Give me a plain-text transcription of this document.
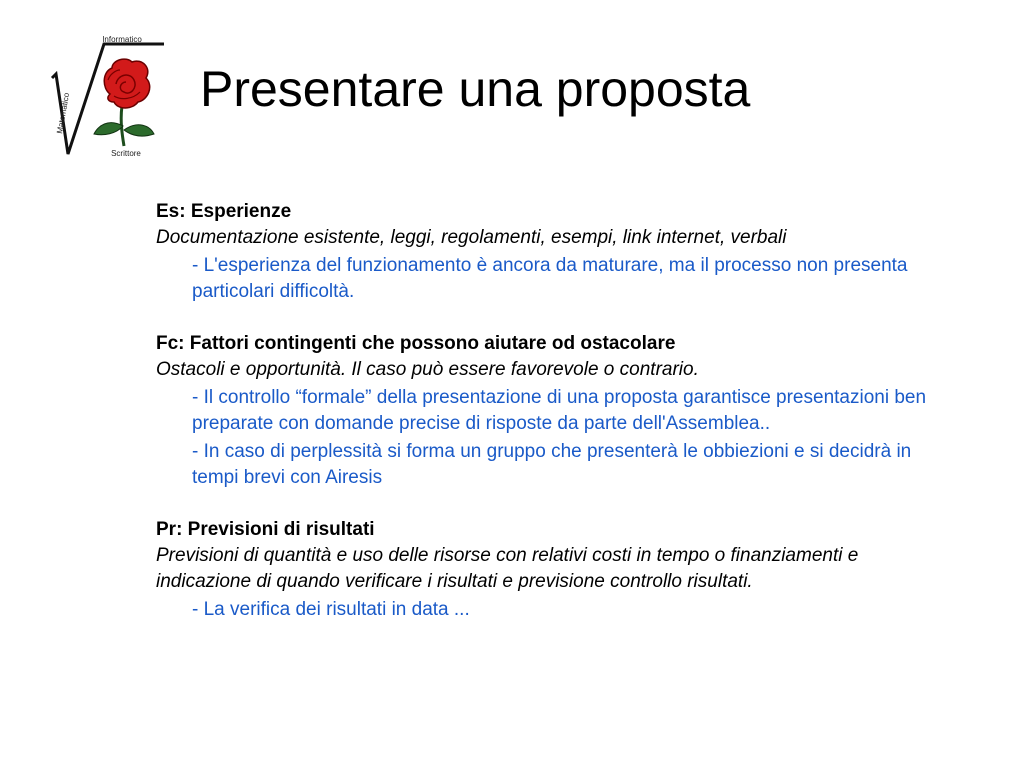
Informatico
Matematico
Scrittore
Presentare una proposta
Es: Esperienze
Documentazione esistente, leggi, regolamenti, esempi, link internet, verbali
- L'esperienza del funzionamento è ancora da maturare, ma il processo non presenta particolari difficoltà.
Fc: Fattori contingenti che possono aiutare od ostacolare
Ostacoli e opportunità. Il caso può essere favorevole o contrario.
- Il controllo “formale” della presentazione di una proposta garantisce presentazioni ben preparate con domande precise di risposte da parte dell'Assemblea..
- In caso di perplessità si forma un gruppo che presenterà le obbiezioni e si decidrà in tempi brevi con Airesis
Pr: Previsioni di risultati
Previsioni di quantità e uso delle risorse con relativi costi in tempo o finanziamenti e indicazione di quando verificare i risultati e previsione controllo risultati.
- La verifica dei risultati in data ...
